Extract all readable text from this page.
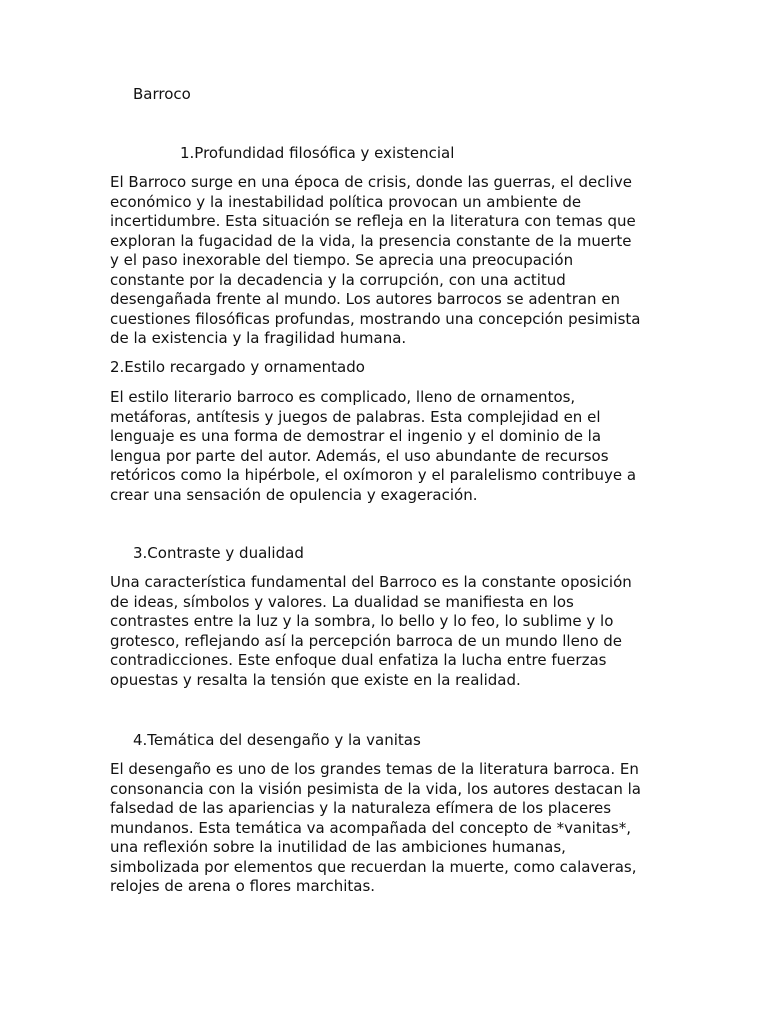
Barroco
1.Profundidad filosófica y existencial

El Barroco surge en una época de crisis, donde las guerras, el declive
económico y la inestabilidad política provocan un ambiente de
incertidumbre. Esta situación se refleja en la literatura con temas que
exploran la fugacidad de la vida, la presencia constante de la muerte
y el paso inexorable del tiempo. Se aprecia una preocupación
constante por la decadencia y la corrupción, con una actitud
desengañada frente al mundo. Los autores barrocos se adentran en
cuestiones filosóficas profundas, mostrando una concepción pesimista
de la existencia y la fragilidad humana.

2.Estilo recargado y ornamentado

El estilo literario barroco es complicado, lleno de ornamentos,
metáforas, antítesis y juegos de palabras. Esta complejidad en el
lenguaje es una forma de demostrar el ingenio y el dominio de la
lengua por parte del autor. Además, el uso abundante de recursos
retóricos como la hipérbole, el oxímoron y el paralelismo contribuye a
crear una sensación de opulencia y exageración.

3.Contraste y dualidad

Una característica fundamental del Barroco es la constante oposición
de ideas, símbolos y valores. La dualidad se manifiesta en los
contrastes entre la luz y la sombra, lo bello y lo feo, lo sublime y lo
grotesco, reflejando así la percepción barroca de un mundo lleno de
contradicciones. Este enfoque dual enfatiza la lucha entre fuerzas
opuestas y resalta la tensión que existe en la realidad.

4.Temática del desengaño y la vanitas

El desengaño es uno de los grandes temas de la literatura barroca. En
consonancia con la visión pesimista de la vida, los autores destacan la
falsedad de las apariencias y la naturaleza efímera de los placeres
mundanos. Esta temática va acompañada del concepto de *vanitas*,
una reflexión sobre la inutilidad de las ambiciones humanas,
simbolizada por elementos que recuerdan la muerte, como calaveras,
relojes de arena o flores marchitas.
